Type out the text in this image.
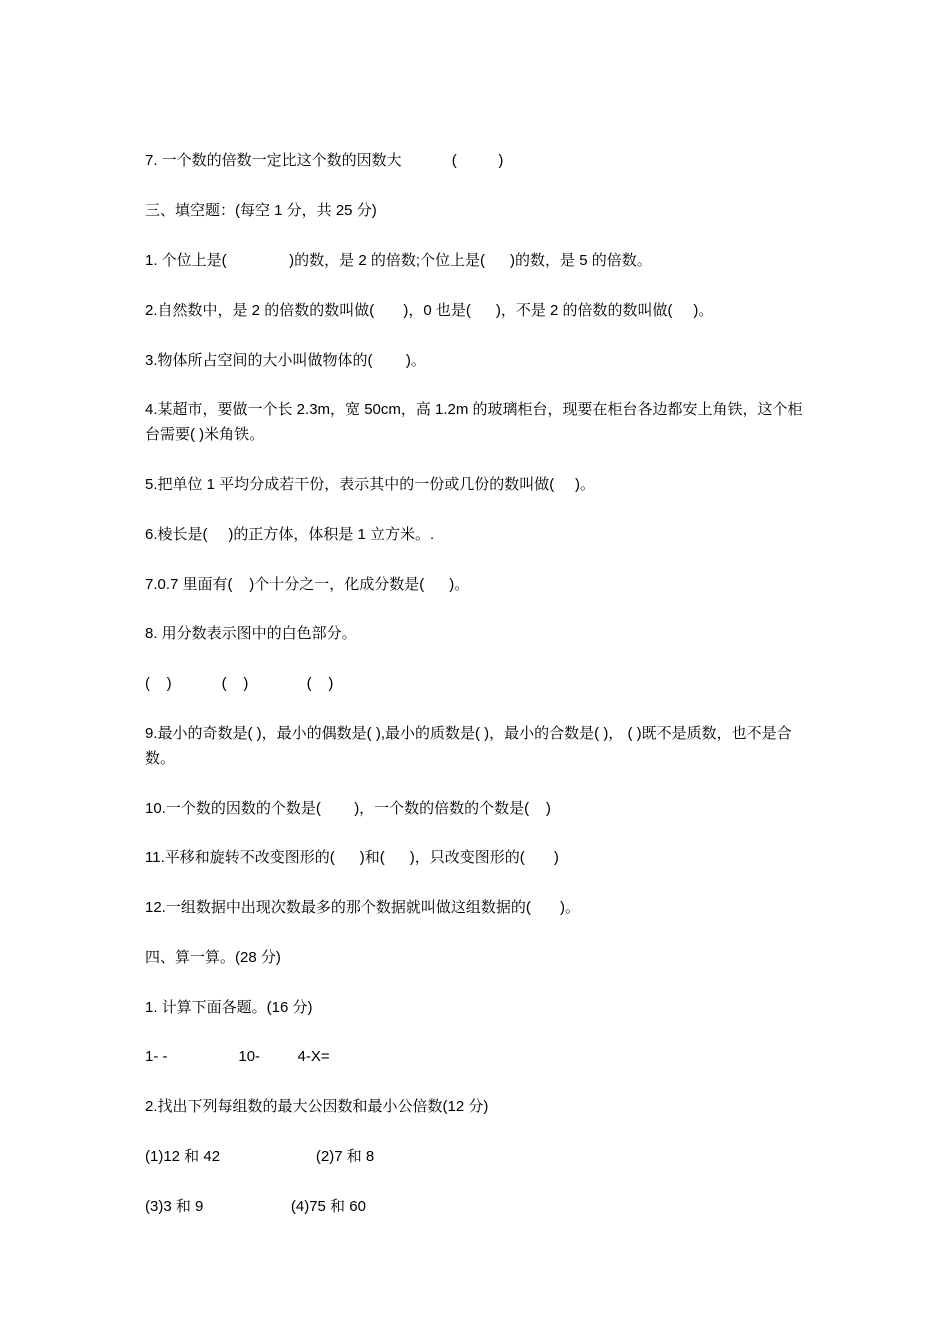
7. 一个数的倍数一定比这个数的因数大            (          )
三、填空题：(每空 1 分，共 25 分)
1. 个位上是(               )的数，是 2 的倍数;个位上是(      )的数，是 5 的倍数。
2.自然数中，是 2 的倍数的数叫做(       )，0 也是(      )，不是 2 的倍数的数叫做(     )。
3.物体所占空间的大小叫做物体的(        )。
4.某超市，要做一个长 2.3m，宽 50cm，高 1.2m 的玻璃柜台，现要在柜台各边都安上角铁，这个柜台需要( )米角铁。
5.把单位 1 平均分成若干份，表示其中的一份或几份的数叫做(     )。
6.棱长是(     )的正方体，体积是 1 立方米。.
7.0.7 里面有(    )个十分之一，化成分数是(      )。
8. 用分数表示图中的白色部分。
(    )            (    )              (    )
9.最小的奇数是( )，最小的偶数是( ),最小的质数是( )，最小的合数是( )， ( )既不是质数，也不是合数。
10.一个数的因数的个数是(        )，一个数的倍数的个数是(    )
11.平移和旋转不改变图形的(      )和(      )，只改变图形的(       )
12.一组数据中出现次数最多的那个数据就叫做这组数据的(       )。
四、算一算。(28 分)
1. 计算下面各题。(16 分)
1- -                 10-         4-X=
2.找出下列每组数的最大公因数和最小公倍数(12 分)
(1)12 和 42                       (2)7 和 8
(3)3 和 9                     (4)75 和 60
